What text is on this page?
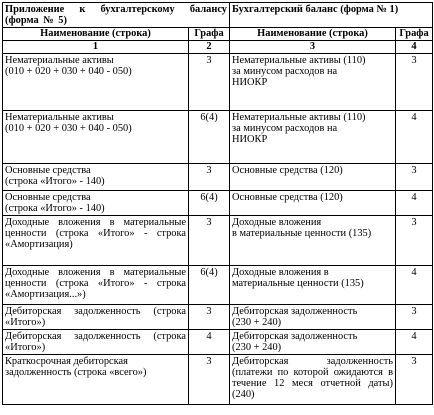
Приложение к бухгалтерскому балансу (форма № 5)		Бухгалтерский баланс (форма № 1)	
Наименование (строка)	Графа	Наименование (строка)	Графа
1	2	3	4
Нематериальные активы
(010 + 020 + 030 + 040 - 050)	3	Нематериальные активы (110)
за минусом расходов на
НИОКР	3
Нематериальные активы
(010 + 020 + 030 + 040 - 050)	6(4)	Нематериальные активы (110)
за минусом расходов на
НИОКР	4
Основные средства
(строка «Итого» - 140)	3	Основные средства (120)	3
Основные средства
(строка «Итого» - 140)	6(4)	Основные средства (120)	4
Доходные вложения в материальные ценности (строка «Итого» - строка «Амортизация)	3	Доходные вложения
в материальные ценности (135)	3
Доходные вложения в материальные ценности (строка «Итого» - строка «Амортизация...»)	6(4)	Доходные вложения в
материальные ценности (135)	4
Дебиторская задолженность (строка «Итого»)	3	Дебиторская задолженность
(230 + 240)	3
Дебиторская задолженность (строка «Итого»)	4	Дебиторская задолженность
(230 + 240)	4
Краткосрочная дебиторская
задолженность (строка «всего»)	3	Дебиторская задолженность (платежи по которой ожидаются в течение 12 меся отчетной даты) (240)	3
